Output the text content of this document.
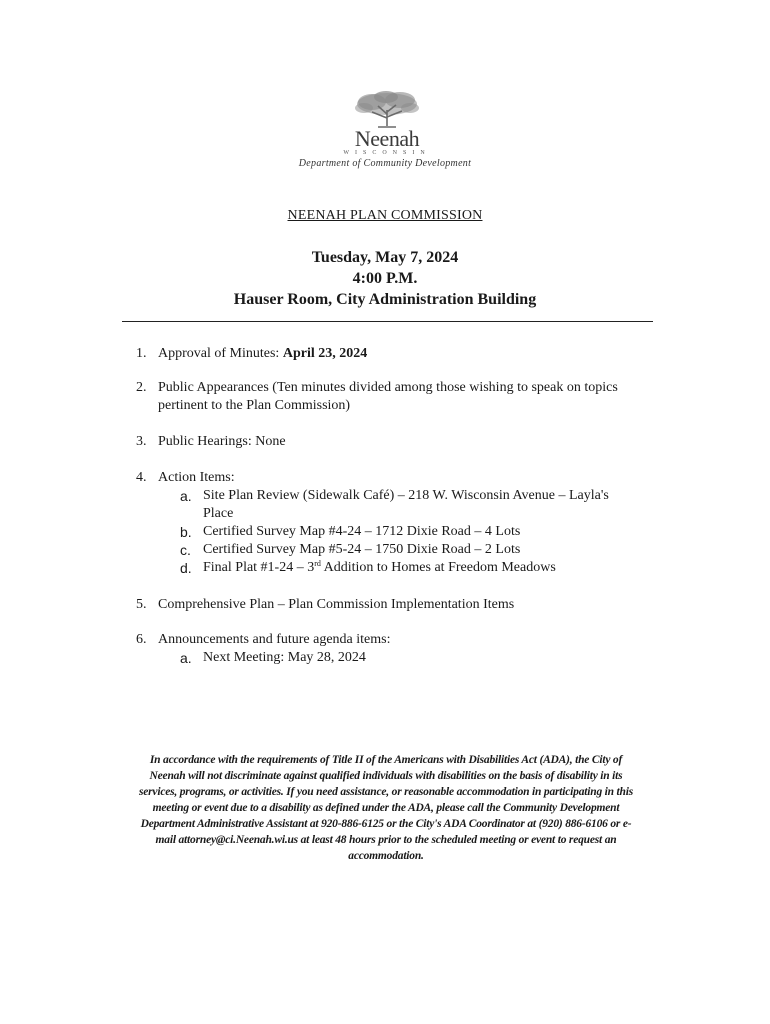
Neenah
WISCONSIN
Department of Community Development
NEENAH PLAN COMMISSION
Tuesday, May 7, 2024
4:00 P.M.
Hauser Room, City Administration Building
1. Approval of Minutes: April 23, 2024
2. Public Appearances (Ten minutes divided among those wishing to speak on topics
pertinent to the Plan Commission)
3. Public Hearings: None
4. Action Items:
a. Site Plan Review (Sidewalk Café) – 218 W. Wisconsin Avenue – Layla's
Place
b. Certified Survey Map #4-24 – 1712 Dixie Road – 4 Lots
c. Certified Survey Map #5-24 – 1750 Dixie Road – 2 Lots
d. Final Plat #1-24 – 3rd Addition to Homes at Freedom Meadows
5. Comprehensive Plan – Plan Commission Implementation Items
6. Announcements and future agenda items:
a. Next Meeting: May 28, 2024
In accordance with the requirements of Title II of the Americans with Disabilities Act (ADA), the City of
Neenah will not discriminate against qualified individuals with disabilities on the basis of disability in its
services, programs, or activities. If you need assistance, or reasonable accommodation in participating in this
meeting or event due to a disability as defined under the ADA, please call the Community Development
Department Administrative Assistant at 920-886-6125 or the City's ADA Coordinator at (920) 886-6106 or e-
mail attorney@ci.Neenah.wi.us at least 48 hours prior to the scheduled meeting or event to request an
accommodation.
